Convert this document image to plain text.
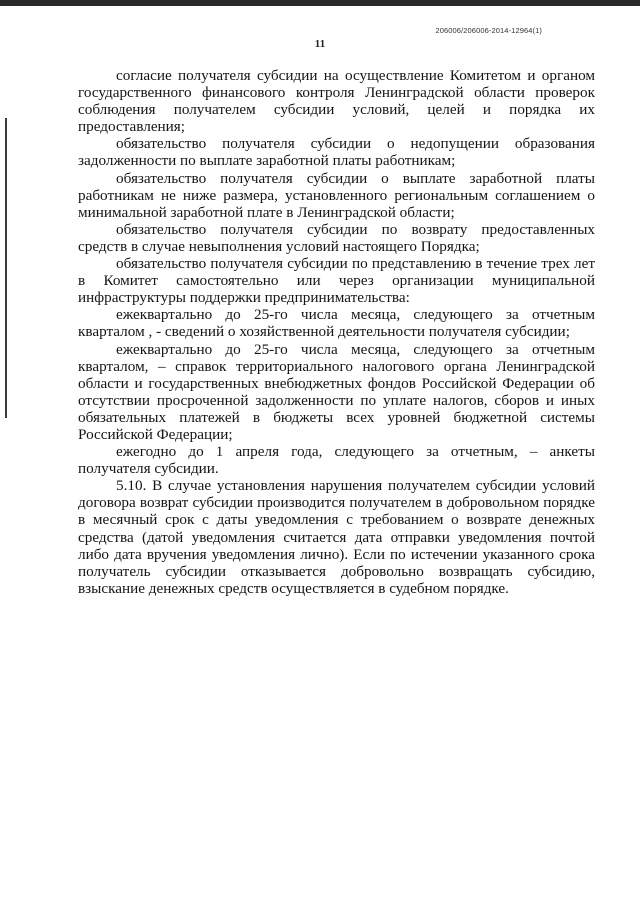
206006/206006-2014-12964(1)
11

согласие получателя субсидии на осуществление Комитетом и органом государственного финансового контроля Ленинградской области проверок соблюдения получателем субсидии условий, целей и порядка их предоставления;

обязательство получателя субсидии о недопущении образования задолженности по выплате заработной платы работникам;

обязательство получателя субсидии о выплате заработной платы работникам не ниже размера, установленного региональным соглашением о минимальной заработной плате в Ленинградской области;

обязательство получателя субсидии по возврату предоставленных средств в случае невыполнения условий настоящего Порядка;

обязательство получателя субсидии по представлению в течение трех лет в Комитет самостоятельно или через организации муниципальной инфраструктуры поддержки предпринимательства:

ежеквартально до 25-го числа месяца, следующего за отчетным кварталом , - сведений о хозяйственной деятельности получателя субсидии;

ежеквартально до 25-го числа месяца, следующего за отчетным кварталом, – справок территориального налогового органа Ленинградской области и государственных внебюджетных фондов Российской Федерации об отсутствии просроченной задолженности по уплате налогов, сборов и иных обязательных платежей в бюджеты всех уровней бюджетной системы Российской Федерации;

ежегодно до 1 апреля года, следующего за отчетным, – анкеты получателя субсидии.

5.10. В случае установления нарушения получателем субсидии условий договора возврат субсидии производится получателем в добровольном порядке в месячный срок с даты уведомления с требованием о возврате денежных средства (датой уведомления считается дата отправки уведомления почтой либо дата вручения уведомления лично). Если по истечении указанного срока получатель субсидии отказывается добровольно возвращать субсидию, взыскание денежных средств осуществляется в судебном порядке.
